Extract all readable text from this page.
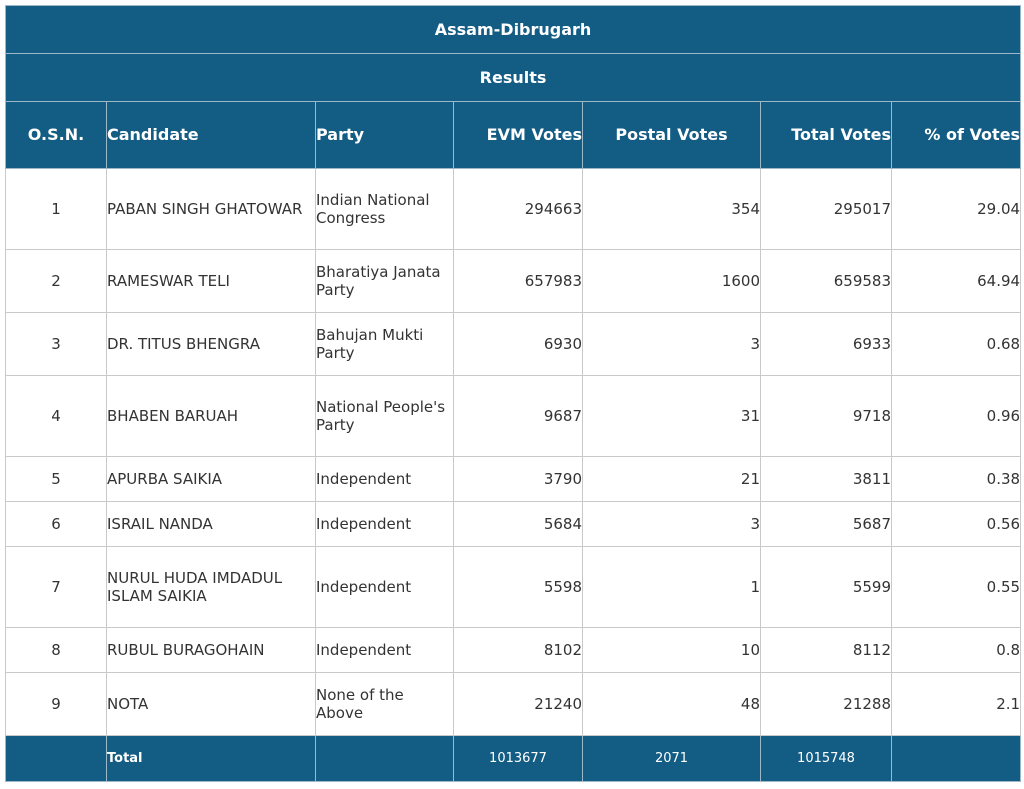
Assam-Dibrugarh						
Results						
O.S.N.	Candidate	Party	EVM Votes	Postal Votes	Total Votes	% of Votes
1	PABAN SINGH GHATOWAR	Indian National Congress	294663	354	295017	29.04
2	RAMESWAR TELI	Bharatiya Janata Party	657983	1600	659583	64.94
3	DR. TITUS BHENGRA	Bahujan Mukti Party	6930	3	6933	0.68
4	BHABEN BARUAH	National People's Party	9687	31	9718	0.96
5	APURBA SAIKIA	Independent	3790	21	3811	0.38
6	ISRAIL NANDA	Independent	5684	3	5687	0.56
7	NURUL HUDA IMDADUL ISLAM SAIKIA	Independent	5598	1	5599	0.55
8	RUBUL BURAGOHAIN	Independent	8102	10	8112	0.8
9	NOTA	None of the Above	21240	48	21288	2.1
	Total		1013677	2071	1015748	
